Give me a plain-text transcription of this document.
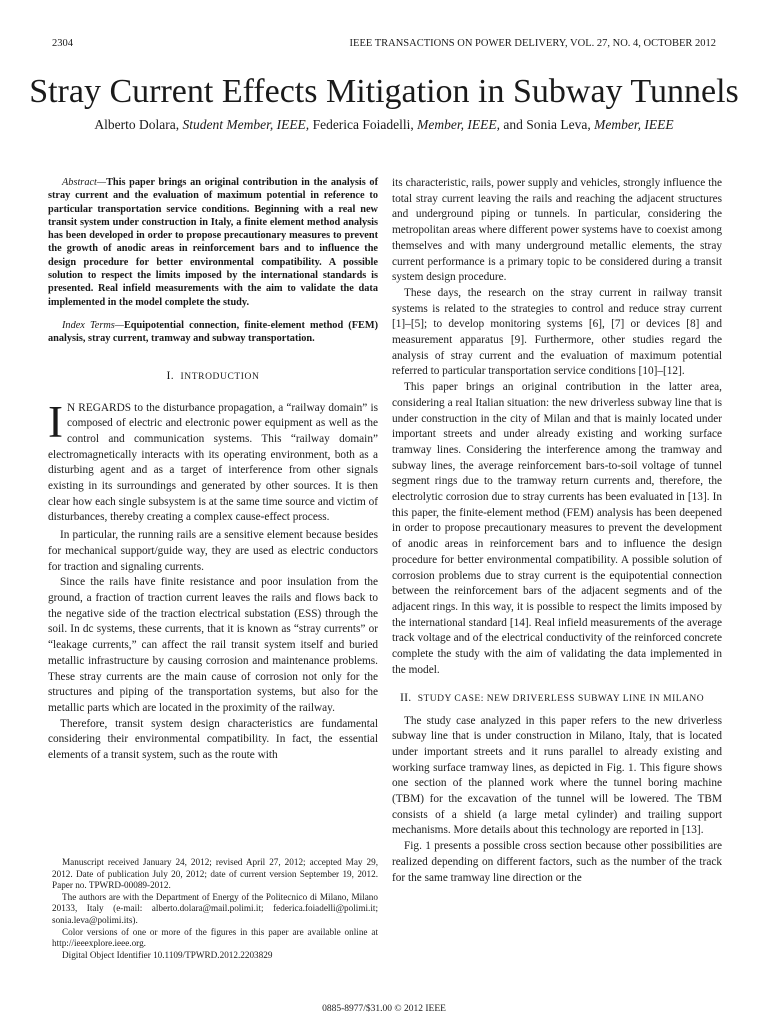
2304	IEEE TRANSACTIONS ON POWER DELIVERY, VOL. 27, NO. 4, OCTOBER 2012
Stray Current Effects Mitigation in Subway Tunnels
Alberto Dolara, Student Member, IEEE, Federica Foiadelli, Member, IEEE, and Sonia Leva, Member, IEEE

Abstract—This paper brings an original contribution in the analysis of stray current and the evaluation of maximum potential in reference to particular transportation service conditions. Beginning with a real new transit system under construction in Italy, a finite element method analysis has been developed in order to propose precautionary measures to prevent the growth of anodic areas in reinforcement bars and to influence the design procedure for better environmental compatibility. A possible solution to respect the limits imposed by the international standards is presented. Real infield measurements with the aim to validate the data implemented in the model complete the study.

Index Terms—Equipotential connection, finite-element method (FEM) analysis, stray current, tramway and subway transportation.

I. INTRODUCTION

I N REGARDS to the disturbance propagation, a “railway domain” is composed of electric and electronic power equipment as well as the control and communication systems. This “railway domain” electromagnetically interacts with its operating environment, both as a disturbing agent and as a target of interference from other signals existing in its surroundings and generated by other sources. It is then clear how each single subsystem is at the same time source and victim of disturbances, thereby creating a complex cause-effect process.

In particular, the running rails are a sensitive element because besides for mechanical support/guide way, they are used as electric conductors for traction and signaling currents.

Since the rails have finite resistance and poor insulation from the ground, a fraction of traction current leaves the rails and flows back to the negative side of the traction electrical substation (ESS) through the soil. In dc systems, these currents, that it is known as “stray currents” or “leakage currents,” can affect the rail transit system itself and buried metallic infrastructure by causing corrosion and maintenance problems. These stray currents are the main cause of corrosion not only for the structures and piping of the transportation systems, but also for the metallic parts which are located in the proximity of the railway.

Therefore, transit system design characteristics are fundamental considering their environmental compatibility. In fact, the essential elements of a transit system, such as the route with

Manuscript received January 24, 2012; revised April 27, 2012; accepted May 29, 2012. Date of publication July 20, 2012; date of current version September 19, 2012. Paper no. TPWRD-00089-2012.

The authors are with the Department of Energy of the Politecnico di Milano, Milano 20133, Italy (e-mail: alberto.dolara@mail.polimi.it; federica.foiadelli@polimi.it; sonia.leva@polimi.its).

Color versions of one or more of the figures in this paper are available online at http://ieeexplore.ieee.org.

Digital Object Identifier 10.1109/TPWRD.2012.2203829

its characteristic, rails, power supply and vehicles, strongly influence the total stray current leaving the rails and reaching the adjacent structures and underground piping or tunnels. In particular, considering the metropolitan areas where different power systems have to coexist among themselves and with many underground metallic elements, the stray current performance is a primary topic to be considered during a transit system design procedure.

These days, the research on the stray current in railway transit systems is related to the strategies to control and reduce stray current [1]–[5]; to develop monitoring systems [6], [7] or devices [8] and measurement apparatus [9]. Furthermore, other studies regard the analysis of stray current and the evaluation of maximum potential referred to particular transportation service conditions [10]–[12].

This paper brings an original contribution in the latter area, considering a real Italian situation: the new driverless subway line that is under construction in the city of Milan and that is mainly located under important streets and under already existing and working surface tramway lines. Considering the interference among the tramway and subway lines, the average reinforcement bars-to-soil voltage of tunnel segment rings due to the tramway return currents and, therefore, the electrolytic corrosion due to stray currents has been evaluated in [13]. In this paper, the finite-element method (FEM) analysis has been deepened in order to propose precautionary measures to prevent the development of anodic areas in reinforcement bars and to influence the design procedure for better environmental compatibility. A possible solution of corrosion problems due to stray current is the equipotential connection between the reinforcement bars of the adjacent segments and of the adjacent rings. In this way, it is possible to respect the limits imposed by the international standard [14]. Real infield measurements of the average track voltage and of the electrical conductivity of the reinforced concrete complete the study with the aim of validating the data implemented in the model.

II. STUDY CASE: NEW DRIVERLESS SUBWAY LINE IN MILANO

The study case analyzed in this paper refers to the new driverless subway line that is under construction in Milano, Italy, that is located under important streets and it runs parallel to already existing and working surface tramway lines, as depicted in Fig. 1. This figure shows one section of the planned work where the tunnel boring machine (TBM) for the excavation of the tunnel will be lowered. The TBM consists of a shield (a large metal cylinder) and trailing support mechanisms. More details about this technology are reported in [13].

Fig. 1 presents a possible cross section because other possibilities are realized depending on different factors, such as the number of the track for the same tramway line direction or the

0885-8977/$31.00 © 2012 IEEE
